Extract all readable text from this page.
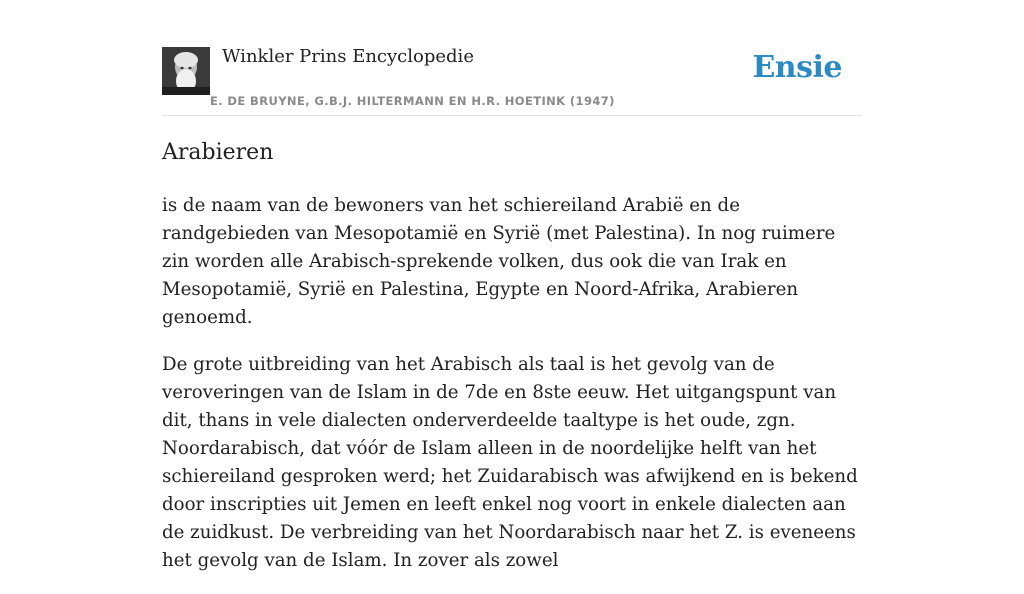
Winkler Prins Encyclopedie
E. DE BRUYNE, G.B.J. HILTERMANN EN H.R. HOETINK (1947)
Ensie
Arabieren

is de naam van de bewoners van het schiereiland Arabië en de randgebieden van Mesopotamië en Syrië (met Palestina). In nog ruimere zin worden alle Arabisch-sprekende volken, dus ook die van Irak en Mesopotamië, Syrië en Palestina, Egypte en Noord-Afrika, Arabieren genoemd.

De grote uitbreiding van het Arabisch als taal is het gevolg van de veroveringen van de Islam in de 7de en 8ste eeuw. Het uitgangspunt van dit, thans in vele dialecten onderverdeelde taaltype is het oude, zgn. Noordarabisch, dat vóór de Islam alleen in de noordelijke helft van het schiereiland gesproken werd; het Zuidarabisch was afwijkend en is bekend door inscripties uit Jemen en leeft enkel nog voort in enkele dialecten aan de zuidkust. De verbreiding van het Noordarabisch naar het Z. is eveneens het gevolg van de Islam. In zover als zowel
